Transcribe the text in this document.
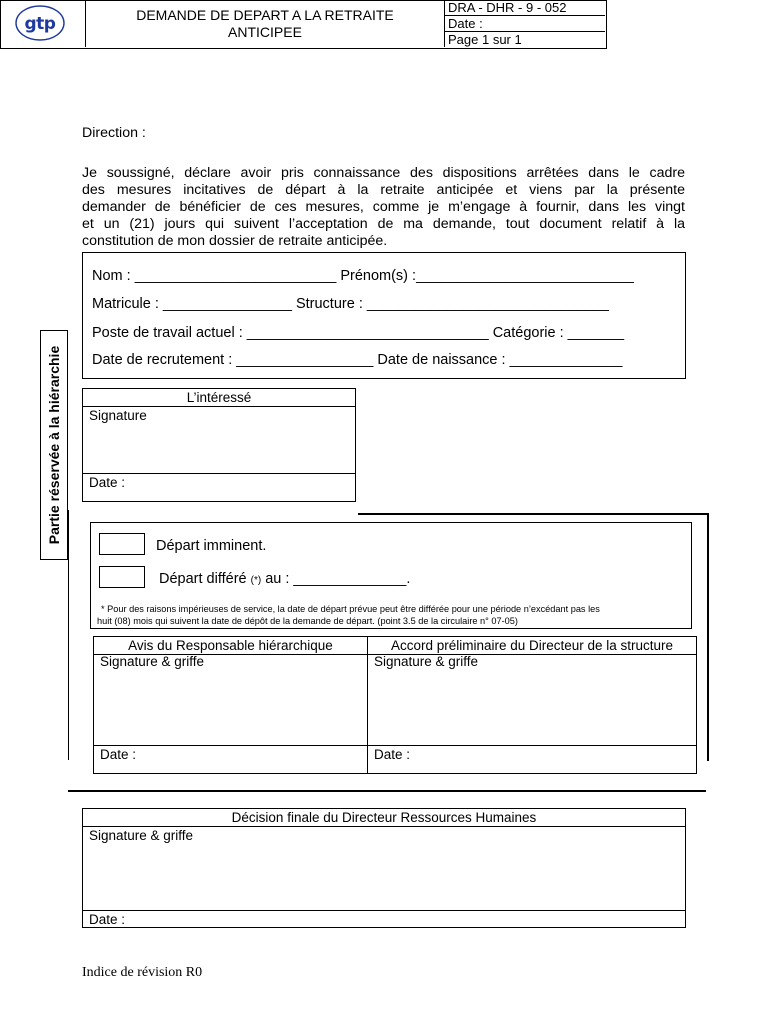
gtp	DEMANDE DE DEPART A LA RETRAITE
ANTICIPEE
DRA - DHR - 9 - 052
Date :
Page 1 sur 1
Direction :
Je soussigné, déclare avoir pris connaissance des dispositions arrêtées dans le cadre
des mesures incitatives de départ à la retraite anticipée et viens par la présente
demander de bénéficier de ces mesures, comme je m’engage à fournir, dans les vingt
et un (21) jours qui suivent l’acceptation de ma demande, tout document relatif à la
constitution de mon dossier de retraite anticipée.
Nom : _________________________ Prénom(s) :___________________________
Matricule : ________________ Structure : ______________________________
Poste de travail actuel : ______________________________ Catégorie : _______
Date de recrutement : _________________ Date de naissance : ______________
L’intéressé
Signature
Date :
Partie réservée à la hiérarchie
Départ imminent.
Départ différé (*) au : ______________.
* Pour des raisons impérieuses de service, la date de départ prévue peut être différée pour une période n’excédant pas les
huit (08) mois qui suivent la date de dépôt de la demande de départ. (point 3.5 de la circulaire n° 07-05)
Avis du Responsable hiérarchique	Accord préliminaire du Directeur de la structure
Signature & griffe	Signature & griffe
Date :	Date :
Décision finale du Directeur Ressources Humaines
Signature & griffe
Date :
Indice de révision R0
